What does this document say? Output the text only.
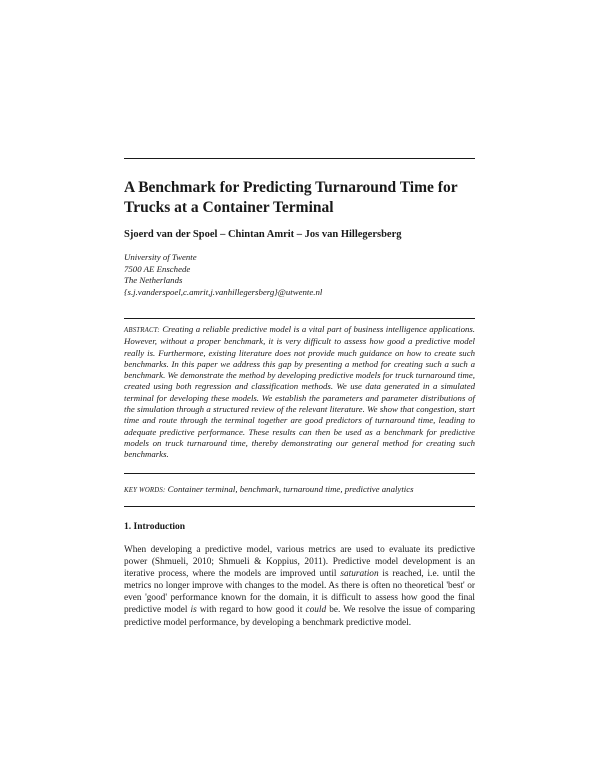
A Benchmark for Predicting Turnaround Time for Trucks at a Container Terminal
Sjoerd van der Spoel – Chintan Amrit – Jos van Hillegersberg
University of Twente
7500 AE Enschede
The Netherlands
{s.j.vanderspoel,c.amrit,j.vanhillegersberg}@utwente.nl

ABSTRACT: Creating a reliable predictive model is a vital part of business intelligence applications. However, without a proper benchmark, it is very difficult to assess how good a predictive model really is. Furthermore, existing literature does not provide much guidance on how to create such benchmarks. In this paper we address this gap by presenting a method for creating such a such a benchmark. We demonstrate the method by developing predictive models for truck turnaround time, created using both regression and classification methods. We use data generated in a simulated terminal for developing these models. We establish the parameters and parameter distributions of the simulation through a structured review of the relevant literature. We show that congestion, start time and route through the terminal together are good predictors of turnaround time, leading to adequate predictive performance. These results can then be used as a benchmark for predictive models on truck turnaround time, thereby demonstrating our general method for creating such benchmarks.

KEY WORDS: Container terminal, benchmark, turnaround time, predictive analytics
1. Introduction

When developing a predictive model, various metrics are used to evaluate its predictive power (Shmueli, 2010; Shmueli & Koppius, 2011). Predictive model development is an iterative process, where the models are improved until saturation is reached, i.e. until the metrics no longer improve with changes to the model. As there is often no theoretical 'best' or even 'good' performance known for the domain, it is difficult to assess how good the final predictive model is with regard to how good it could be. We resolve the issue of comparing predictive model performance, by developing a benchmark predictive model.
